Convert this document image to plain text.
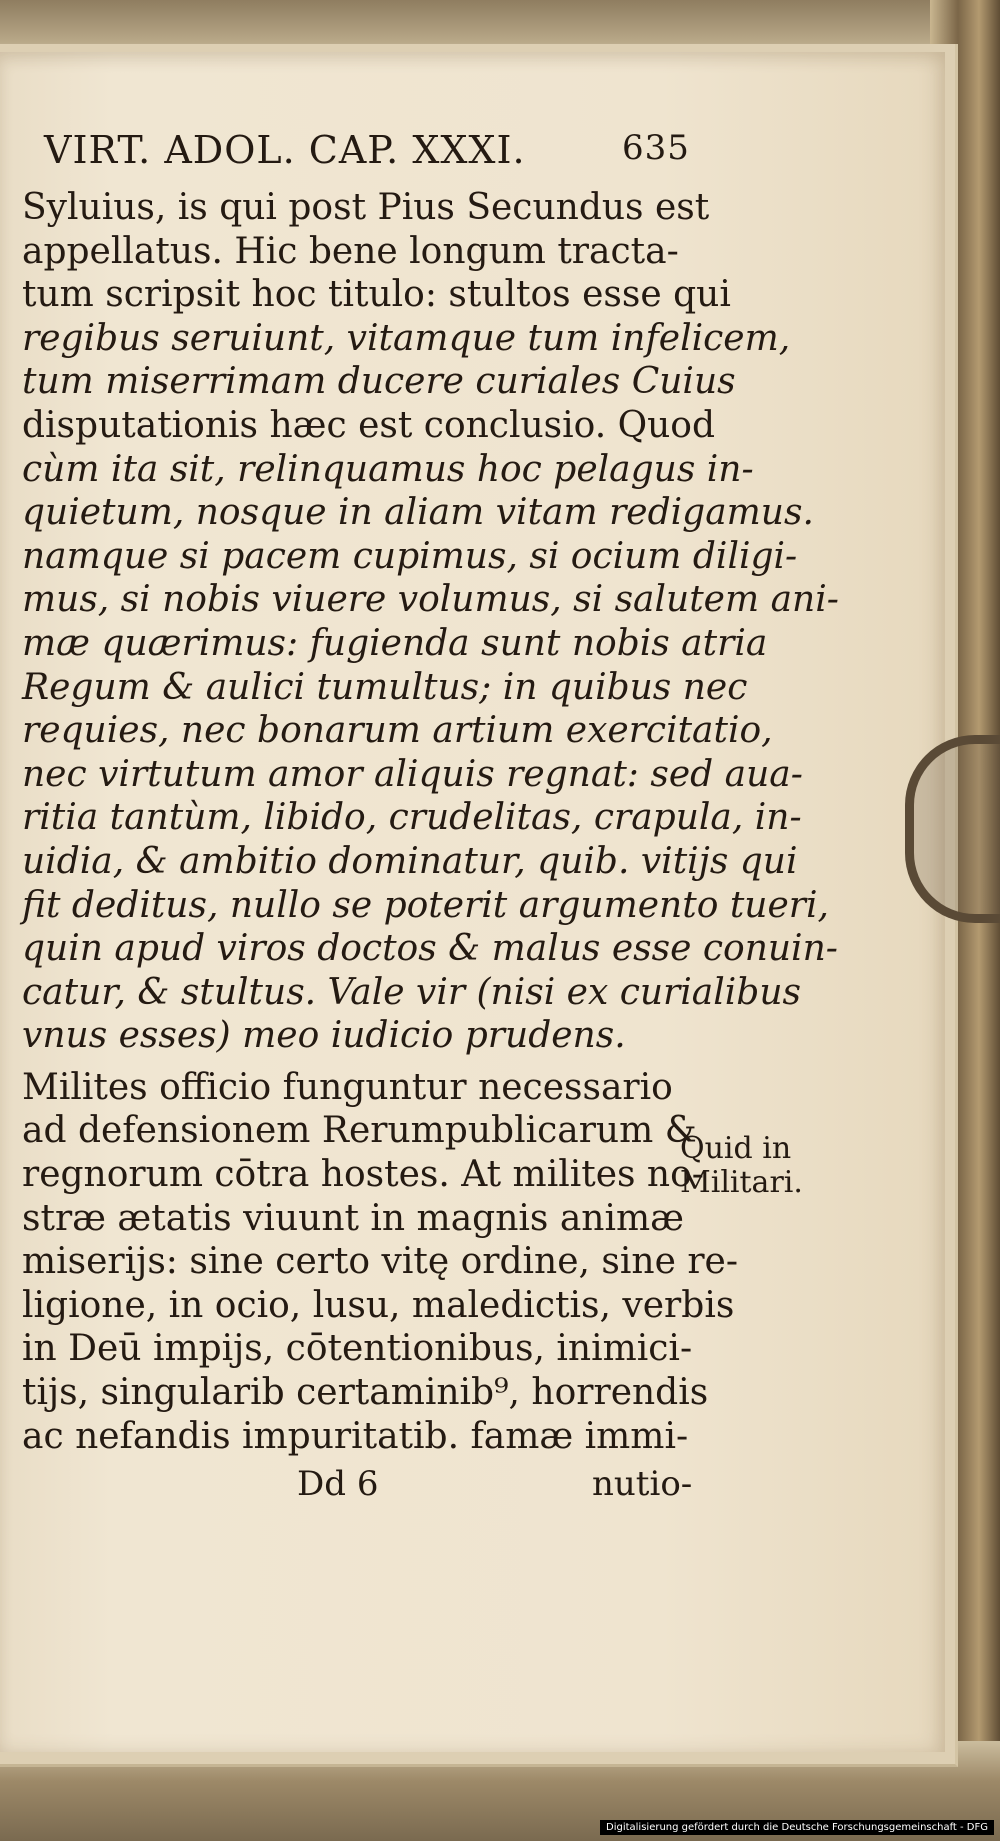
VIRT. ADOL. CAP. XXXI.	635
Syluius, is qui post Pius Secundus est
appellatus. Hic bene longum tracta-
tum scripsit hoc titulo: stultos esse qui
regibus seruiunt, vitamque tum infelicem,
tum miserrimam ducere curiales Cuius
disputationis hæc est conclusio. Quod
cùm ita sit, relinquamus hoc pelagus in-
quietum, nosque in aliam vitam redigamus.
namque si pacem cupimus, si ocium diligi-
mus, si nobis viuere volumus, si salutem ani-
mæ quærimus: fugienda sunt nobis atria
Regum & aulici tumultus; in quibus nec
requies, nec bonarum artium exercitatio,
nec virtutum amor aliquis regnat: sed aua-
ritia tantùm, libido, crudelitas, crapula, in-
uidia, & ambitio dominatur, quib. vitijs qui
fit deditus, nullo se poterit argumento tueri,
quin apud viros doctos & malus esse conuin-
catur, & stultus. Vale vir (nisi ex curialibus
vnus esses) meo iudicio prudens.
Milites officio funguntur necessario
ad defensionem Rerumpublicarum &
regnorum cōtra hostes. At milites no-
stræ ætatis viuunt in magnis animæ
miserijs: sine certo vitę ordine, sine re-
ligione, in ocio, lusu, maledictis, verbis
in Deū impijs, cōtentionibus, inimici-
tijs, singularib certaminib⁹, horrendis
ac nefandis impuritatib. famæ immi-
Dd 6	nutio-
Quid in
Militari.
Digitalisierung gefördert durch die Deutsche Forschungsgemeinschaft - DFG
